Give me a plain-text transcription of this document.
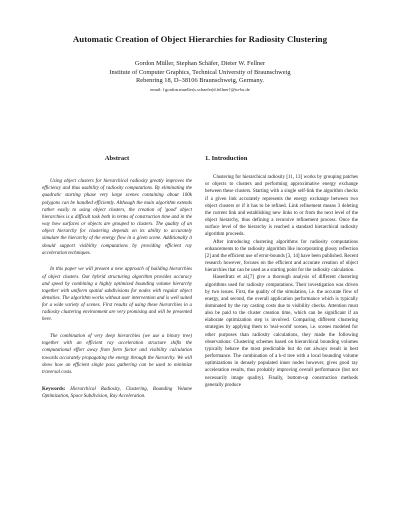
Automatic Creation of Object Hierarchies for Radiosity Clustering
Gordon Müller, Stephan Schäfer, Dieter W. Fellner
Institute of Computer Graphics, Technical University of Braunschweig
Rebenring 18, D–38106 Braunschweig, Germany.
email: {gordon.mueller|s.schaefer|d.fellner}@tu-bs.de
Abstract

Using object clusters for hierarchical radiosity greatly improves the efficiency and thus usability of radiosity computations. By eliminating the quadratic starting phase very large scenes containing about 100k polygons can be handled efficiently. Although the main algorithm extends rather easily to using object clusters, the creation of 'good' object hierarchies is a difficult task both in terms of construction time and in the way how surfaces or objects are grouped to clusters. The quality of an object hierarchy for clustering depends on its ability to accurately simulate the hierarchy of the energy flow in a given scene. Additionally it should support visibility computations by providing efficient ray acceleration techniques.

In this paper we will present a new approach of building hierarchies of object clusters. Our hybrid structuring algorithm provides accuracy and speed by combining a highly optimized bounding volume hierarchy together with uniform spatial subdivisions for nodes with regular object densities. The algorithm works without user intervention and is well suited for a wide variety of scenes. First results of using these hierarchies in a radiosity clustering environment are very promising and will be presented here.

The combination of very deep hierarchies (we use a binary tree) together with an efficient ray acceleration structure shifts the computational effort away from form factor and visibility calculation towards accurately propagating the energy through the hierarchy. We will show how an efficient single pass gathering can be used to minimize traversal costs.

Keywords: Hierarchical Radiosity, Clustering, Bounding Volume Optimization, Space Subdivision, Ray Acceleration.

1. Introduction

Clustering for hierarchical radiosity [11, 13] works by grouping patches or objects to clusters and performing approximative energy exchange between these clusters. Starting with a single self-link the algorithm checks if a given link accurately represents the energy exchange between two object clusters or if it has to be refined. Link refinement means 3 deleting the current link and establishing new links to or from the next level of the object hierarchy, thus defining a recursive refinement process. Once the surface level of the hierarchy is reached a standard hierarchical radiosity algorithm proceeds.

After introducing clustering algorithms for radiosity computations enhancements to the radiosity algorithm like incorporating glossy reflection [2] and the efficient use of error-bounds [3, 14] have been published. Recent research however, focuses on the efficient and accurate creation of object hierarchies that can be used as a starting point for the radiosity calculation.

Hasenfratz et al.[7] give a thorough analysis of different clustering algorithms used for radiosity computations. Their investigation was driven by two issues. First, the quality of the simulation, i.e. the accurate flow of energy, and second, the overall application performance which is typically dominated by the ray casting costs due to visibility checks. Attention must also be paid to the cluster creation time, which can be significant if an elaborate optimization step is involved. Comparing different clustering strategies by applying them to 'real-world' scenes, i.e. scenes modeled for other purposes than radiosity calculations, they made the following observations: Clustering schemes based on hierarchical bounding volumes typically behave the most predictable but do not always result in best performance. The combination of a k-d tree with a local bounding volume optimizations in densely populated inner nodes however, gives good ray acceleration results, thus probably improving overall performance (but not necessarily image quality). Finally, bottom-up construction methods generally produce
